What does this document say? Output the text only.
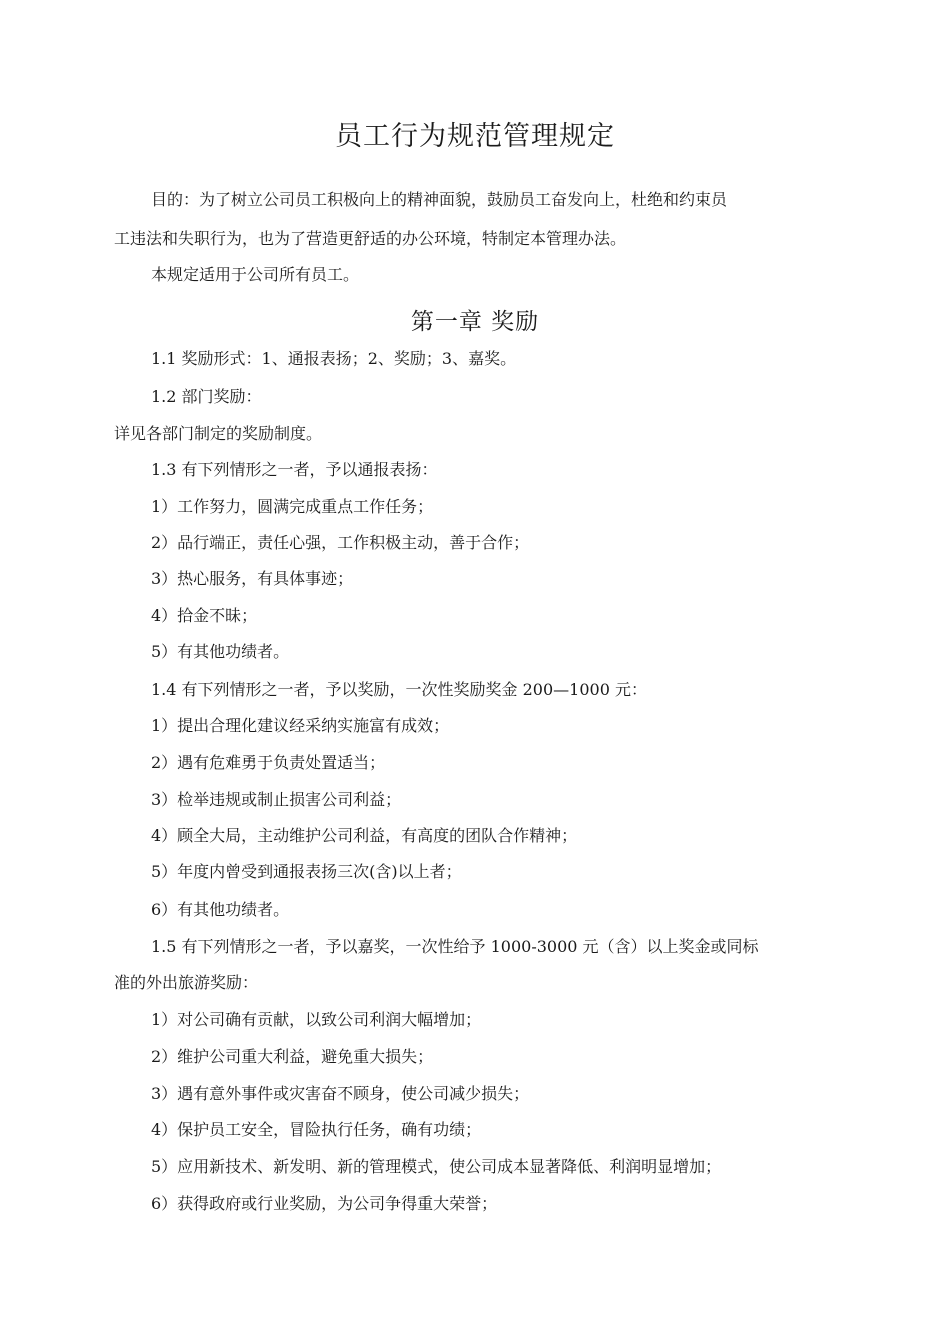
员工行为规范管理规定
目的：为了树立公司员工积极向上的精神面貌，鼓励员工奋发向上，杜绝和约束员
工违法和失职行为，也为了营造更舒适的办公环境，特制定本管理办法。
本规定适用于公司所有员工。
第一章 奖励
1.1 奖励形式：1、通报表扬；2、奖励；3、嘉奖。
1.2 部门奖励：
详见各部门制定的奖励制度。
1.3 有下列情形之一者，予以通报表扬：
1）工作努力，圆满完成重点工作任务；
2）品行端正，责任心强，工作积极主动，善于合作；
3）热心服务，有具体事迹；
4）拾金不昧；
5）有其他功绩者。
1.4 有下列情形之一者，予以奖励，一次性奖励奖金 200—1000 元：
1）提出合理化建议经采纳实施富有成效；
2）遇有危难勇于负责处置适当；
3）检举违规或制止损害公司利益；
4）顾全大局，主动维护公司利益，有高度的团队合作精神；
5）年度内曾受到通报表扬三次(含)以上者；
6）有其他功绩者。
1.5 有下列情形之一者，予以嘉奖，一次性给予 1000-3000 元（含）以上奖金或同标
准的外出旅游奖励：
1）对公司确有贡献，以致公司利润大幅增加；
2）维护公司重大利益，避免重大损失；
3）遇有意外事件或灾害奋不顾身，使公司减少损失；
4）保护员工安全，冒险执行任务，确有功绩；
5）应用新技术、新发明、新的管理模式，使公司成本显著降低、利润明显增加；
6）获得政府或行业奖励，为公司争得重大荣誉；
